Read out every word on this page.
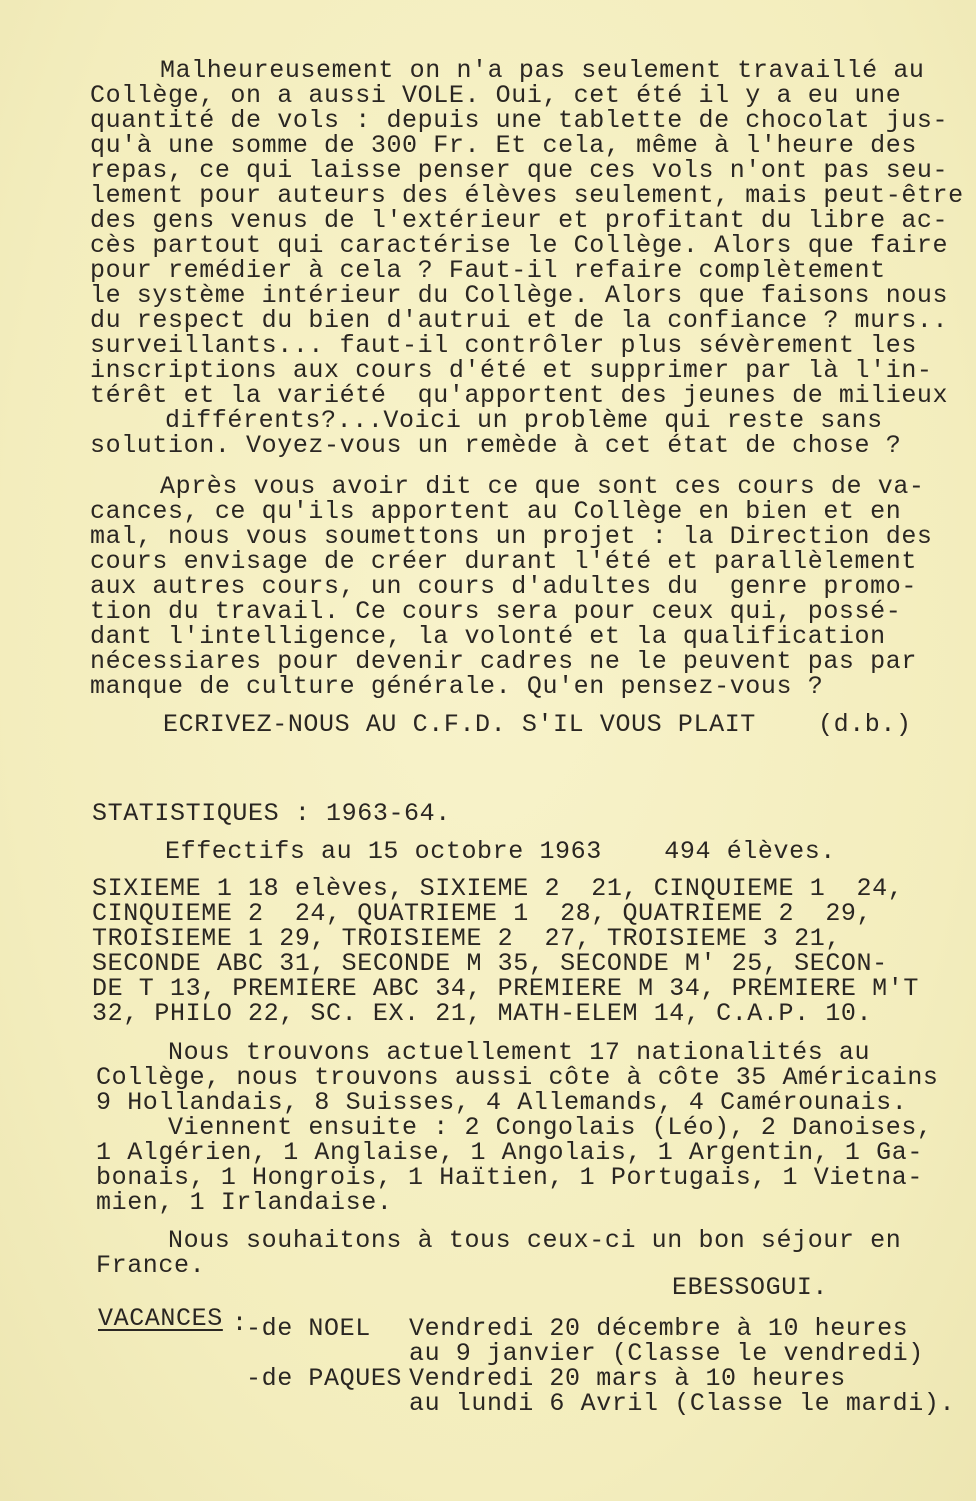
Malheureusement on n'a pas seulement travaillé au
Collège, on a aussi VOLE. Oui, cet été il y a eu une
quantité de vols : depuis une tablette de chocolat jus-
qu'à une somme de 300 Fr. Et cela, même à l'heure des
repas, ce qui laisse penser que ces vols n'ont pas seu-
lement pour auteurs des élèves seulement, mais peut-être
des gens venus de l'extérieur et profitant du libre ac-
cès partout qui caractérise le Collège. Alors que faire
pour remédier à cela ? Faut-il refaire complètement
le système intérieur du Collège. Alors que faisons nous
du respect du bien d'autrui et de la confiance ? murs..
surveillants... faut-il contrôler plus sévèrement les
inscriptions aux cours d'été et supprimer par là l'in-
térêt et la variété  qu'apportent des jeunes de milieux
différents?...Voici un problème qui reste sans
solution. Voyez-vous un remède à cet état de chose ?
Après vous avoir dit ce que sont ces cours de va-
cances, ce qu'ils apportent au Collège en bien et en
mal, nous vous soumettons un projet : la Direction des
cours envisage de créer durant l'été et parallèlement
aux autres cours, un cours d'adultes du  genre promo-
tion du travail. Ce cours sera pour ceux qui, possé-
dant l'intelligence, la volonté et la qualification
nécessiares pour devenir cadres ne le peuvent pas par
manque de culture générale. Qu'en pensez-vous ?
ECRIVEZ-NOUS AU C.F.D. S'IL VOUS PLAIT (d.b.)
STATISTIQUES : 1963-64.
Effectifs au 15 octobre 1963    494 élèves.
SIXIEME 1 18 elèves, SIXIEME 2  21, CINQUIEME 1  24,
CINQUIEME 2  24, QUATRIEME 1  28, QUATRIEME 2  29,
TROISIEME 1 29, TROISIEME 2  27, TROISIEME 3 21,
SECONDE ABC 31, SECONDE M 35, SECONDE M' 25, SECON-
DE T 13, PREMIERE ABC 34, PREMIERE M 34, PREMIERE M'T
32, PHILO 22, SC. EX. 21, MATH-ELEM 14, C.A.P. 10.
Nous trouvons actuellement 17 nationalités au
Collège, nous trouvons aussi côte à côte 35 Américains
9 Hollandais, 8 Suisses, 4 Allemands, 4 Camérounais.
Viennent ensuite : 2 Congolais (Léo), 2 Danoises,
1 Algérien, 1 Anglaise, 1 Angolais, 1 Argentin, 1 Ga-
bonais, 1 Hongrois, 1 Haïtien, 1 Portugais, 1 Vietna-
mien, 1 Irlandaise.
Nous souhaitons à tous ceux-ci un bon séjour en
France.
EBESSOGUI.
VACANCES :
-de NOEL Vendredi 20 décembre à 10 heures
au 9 janvier (Classe le vendredi)
-de PAQUES Vendredi 20 mars à 10 heures
au lundi 6 Avril (Classe le mardi).
